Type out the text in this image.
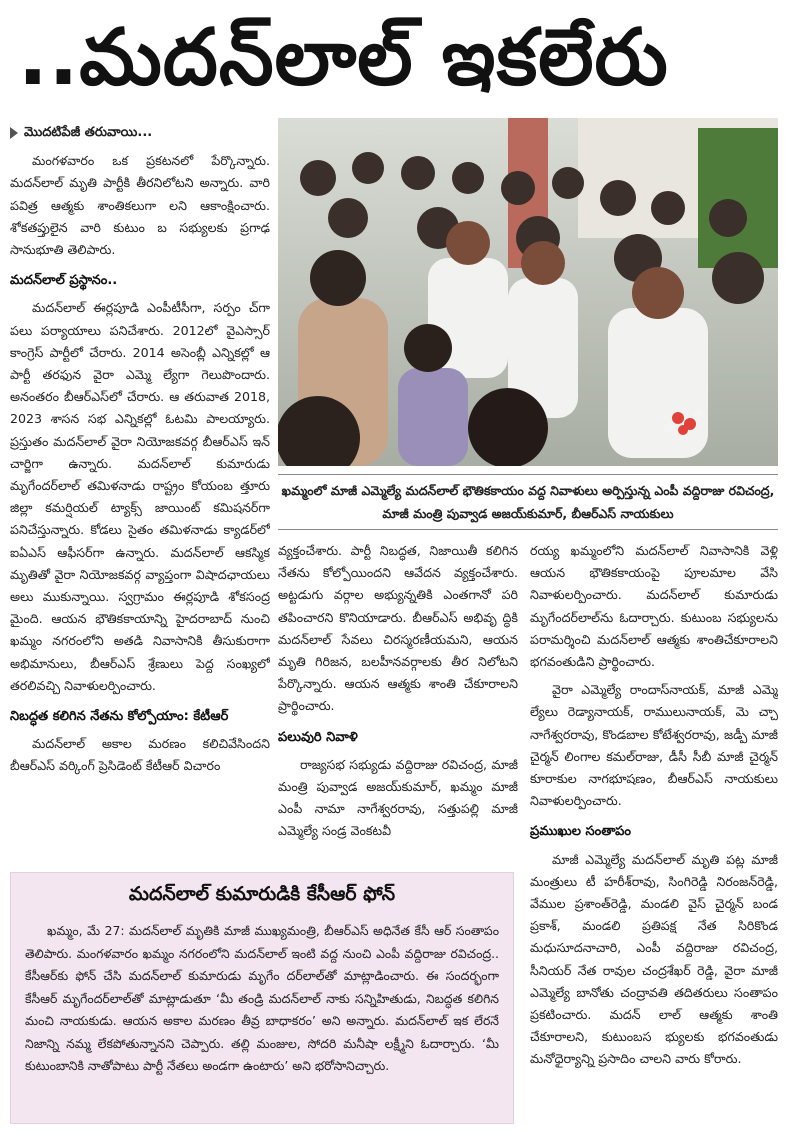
..మదన్‌లాల్ ఇకలేరు
మొదటిపేజీ తరువాయి...

మంగళవారం ఒక ప్రకటనలో పేర్కొన్నారు. మదన్‌లాల్ మృతి పార్టీకి తీరనిలోటని అన్నారు. వారి పవిత్ర ఆత్మకు శాంతికలుగా లని ఆకాంక్షించారు. శోకతప్తులైన వారి కుటుం బ సభ్యులకు ప్రగాఢ సానుభూతి తెలిపారు.

మదన్‌లాల్ ప్రస్థానం..

మదన్‌లాల్ ఈర్లపూడి ఎంపీటీసీగా, సర్పం చ్‌గా పలు పర్యాయాలు పనిచేశారు. 2012లో వైఎస్సార్ కాంగ్రెస్ పార్టీలో చేరారు. 2014 అసెంబ్లీ ఎన్నికల్లో ఆ పార్టీ తరఫున వైరా ఎమ్మె ల్యేగా గెలుపొందారు. అనంతరం బీఆర్ఎస్‌లో చేరారు. ఆ తరువాత 2018, 2023 శాసన సభ ఎన్నికల్లో ఓటమి పాలయ్యారు. ప్రస్తుతం మదన్‌లాల్ వైరా నియోజకవర్గ బీఆర్ఎస్ ఇన్ చార్జిగా ఉన్నారు. మదన్‌లాల్ కుమారుడు మృగేందర్‌లాల్ తమిళనాడు రాష్ట్రం కోయంబ త్తూరు జిల్లా కమర్షియల్ ట్యాక్స్ జాయింట్ కమిషనర్‌గా పనిచేస్తున్నారు. కోడలు సైతం తమిళనాడు క్యాడర్‌లో ఐఏఎస్ ఆఫీసర్‌గా ఉన్నారు. మదన్‌లాల్ ఆకస్మిక మృతితో వైరా నియోజకవర్గ వ్యాప్తంగా విషాదఛాయలు అలు ముకున్నాయి. స్వగ్రామం ఈర్లపూడి శోకసంద్ర మైంది. ఆయన భౌతికకాయాన్ని హైదరాబాద్ నుంచి ఖమ్మం నగరంలోని అతడి నివాసానికి తీసుకురాగా అభిమానులు, బీఆర్ఎస్ శ్రేణులు పెద్ద సంఖ్యలో తరలివచ్చి నివాళులర్పించారు.

నిబద్ధత కలిగిన నేతను కోల్పోయాం: కేటీఆర్

మదన్‌లాల్ అకాల మరణం కలిచివేసిందని బీఆర్ఎస్ వర్కింగ్ ప్రెసిడెంట్ కేటీఆర్ విచారం

ఖమ్మంలో మాజీ ఎమ్మెల్యే మదన్‌లాల్ భౌతికకాయం వద్ద నివాళులు అర్పిస్తున్న ఎంపీ వద్దిరాజు రవిచంద్ర, మాజీ మంత్రి పువ్వాడ అజయ్‌కుమార్, బీఆర్ఎస్ నాయకులు

వ్యక్తంచేశారు. పార్టీ నిబద్ధత, నిజాయితీ కలిగిన నేతను కోల్పోయిందని ఆవేదన వ్యక్తంచేశారు. అట్టడుగు వర్గాల అభ్యున్నతికి ఎంతగానో పరి తపించారని కొనియాడారు. బీఆర్ఎస్ అభివృ ద్ధికి మదన్‌లాల్ సేవలు చిరస్మరణీయమని, ఆయన మృతి గిరిజన, బలహీనవర్గాలకు తీర నిలోటని పేర్కొన్నారు. ఆయన ఆత్మకు శాంతి చేకూరాలని ప్రార్థించారు.

పలువురి నివాళి

రాజ్యసభ సభ్యుడు వద్దిరాజు రవిచంద్ర, మాజీ మంత్రి పువ్వాడ అజయ్‌కుమార్, ఖమ్మం మాజీ ఎంపీ నామా నాగేశ్వరరావు, సత్తుపల్లి మాజీ ఎమ్మెల్యే సండ్ర వెంకటవీ

రయ్య ఖమ్మంలోని మదన్‌లాల్ నివాసానికి వెళ్లి ఆయన భౌతికకాయంపై పూలమాల వేసి నివాళులర్పించారు. మదన్‌లాల్ కుమారుడు మృగేందర్‌లాల్‌ను ఓదార్చారు. కుటుంబ సభ్యులను పరామర్శించి మదన్‌లాల్ ఆత్మకు శాంతిచేకూరాలని భగవంతుడిని ప్రార్థించారు.

వైరా ఎమ్మెల్యే రాందాస్‌నాయక్, మాజీ ఎమ్మె ల్యేలు రెడ్యానాయక్, రాములునాయక్, మె చ్చా నాగేశ్వరరావు, కొండబాల కోటేశ్వరరావు, జడ్పీ మాజీ చైర్మన్ లింగాల కమల్‌రాజు, డీసీ సీబీ మాజీ చైర్మన్ కూరాకుల నాగభూషణం, బీఆర్ఎస్ నాయకులు నివాళులర్పించారు.

ప్రముఖుల సంతాపం

మాజీ ఎమ్మెల్యే మదన్‌లాల్ మృతి పట్ల మాజీ మంత్రులు టీ హరీశ్‌రావు, సింగిరెడ్డి నిరంజన్‌రెడ్డి, వేముల ప్రశాంత్‌రెడ్డి, మండలి వైస్ చైర్మన్ బండ ప్రకాశ్, మండలి ప్రతిపక్ష నేత సిరికొండ మధుసూదనాచారి, ఎంపీ వద్దిరాజు రవిచంద్ర, సీనియర్ నేత రావుల చంద్రశేఖర్ రెడ్డి, వైరా మాజీ ఎమ్మెల్యే బానోతు చంద్రావతి తదితరులు సంతాపం ప్రకటించారు. మదన్ లాల్ ఆత్మకు శాంతి చేకూరాలని, కుటుంబస భ్యులకు భగవంతుడు మనోధైర్యాన్ని ప్రసాదిం చాలని వారు కోరారు.

మదన్‌లాల్ కుమారుడికి కేసీఆర్ ఫోన్
ఖమ్మం, మే 27: మదన్‌లాల్ మృతికి మాజీ ముఖ్యమంత్రి, బీఆర్ఎస్ అధినేత కేసీ ఆర్ సంతాపం తెలిపారు. మంగళవారం ఖమ్మం నగరంలోని మదన్‌లాల్ ఇంటి వద్ద నుంచి ఎంపీ వద్దిరాజు రవిచంద్ర.. కేసీఆర్‌కు ఫోన్ చేసి మదన్‌లాల్ కుమారుడు మృగేం దర్‌లాల్‌తో మాట్లాడించారు. ఈ సందర్భంగా కేసీఆర్ మృగేందర్‌లాల్‌తో మాట్లాడుతూ ‘మీ తండ్రి మదన్‌లాల్ నాకు సన్నిహితుడు, నిబద్ధత కలిగిన మంచి నాయకుడు. ఆయన అకాల మరణం తీవ్ర బాధాకరం’ అని అన్నారు. మదన్‌లాల్ ఇక లేరనే నిజాన్ని నమ్మ లేకపోతున్నానని చెప్పారు. తల్లి మంజుల, సోదరి మనీషా లక్ష్మీని ఓదార్చారు. ‘మీ కుటుంబానికి నాతోపాటు పార్టీ నేతలు అండగా ఉంటారు’ అని భరోసానిచ్చారు.
